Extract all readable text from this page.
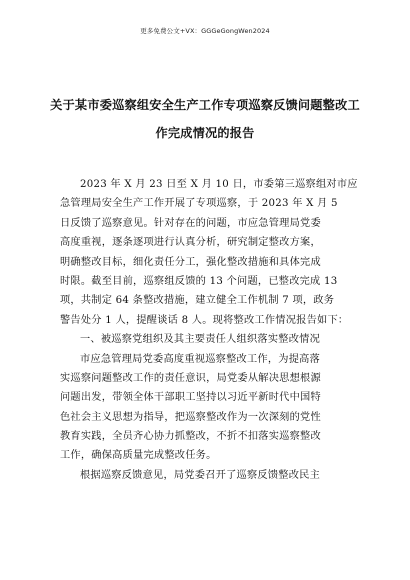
更多免费公文+VX：GGGeGongWen2024
关于某市委巡察组安全生产工作专项巡察反馈问题整改工
作完成情况的报告
2023 年 X 月 23 日至 X 月 10 日，市委第三巡察组对市应
急管理局安全生产工作开展了专项巡察，于 2023 年 X 月 5
日反馈了巡察意见。针对存在的问题，市应急管理局党委
高度重视，逐条逐项进行认真分析，研究制定整改方案，
明确整改目标，细化责任分工，强化整改措施和具体完成
时限。截至目前，巡察组反馈的 13 个问题，已整改完成 13
项，共制定 64 条整改措施，建立健全工作机制 7 项，政务
警告处分 1 人，提醒谈话 8 人。现将整改工作情况报告如下：
一、被巡察党组织及其主要责任人组织落实整改情况
市应急管理局党委高度重视巡察整改工作，为提高落
实巡察问题整改工作的责任意识，局党委从解决思想根源
问题出发，带领全体干部职工坚持以习近平新时代中国特
色社会主义思想为指导，把巡察整改作为一次深刻的党性
教育实践，全员齐心协力抓整改，不折不扣落实巡察整改
工作，确保高质量完成整改任务。
根据巡察反馈意见，局党委召开了巡察反馈整改民主
